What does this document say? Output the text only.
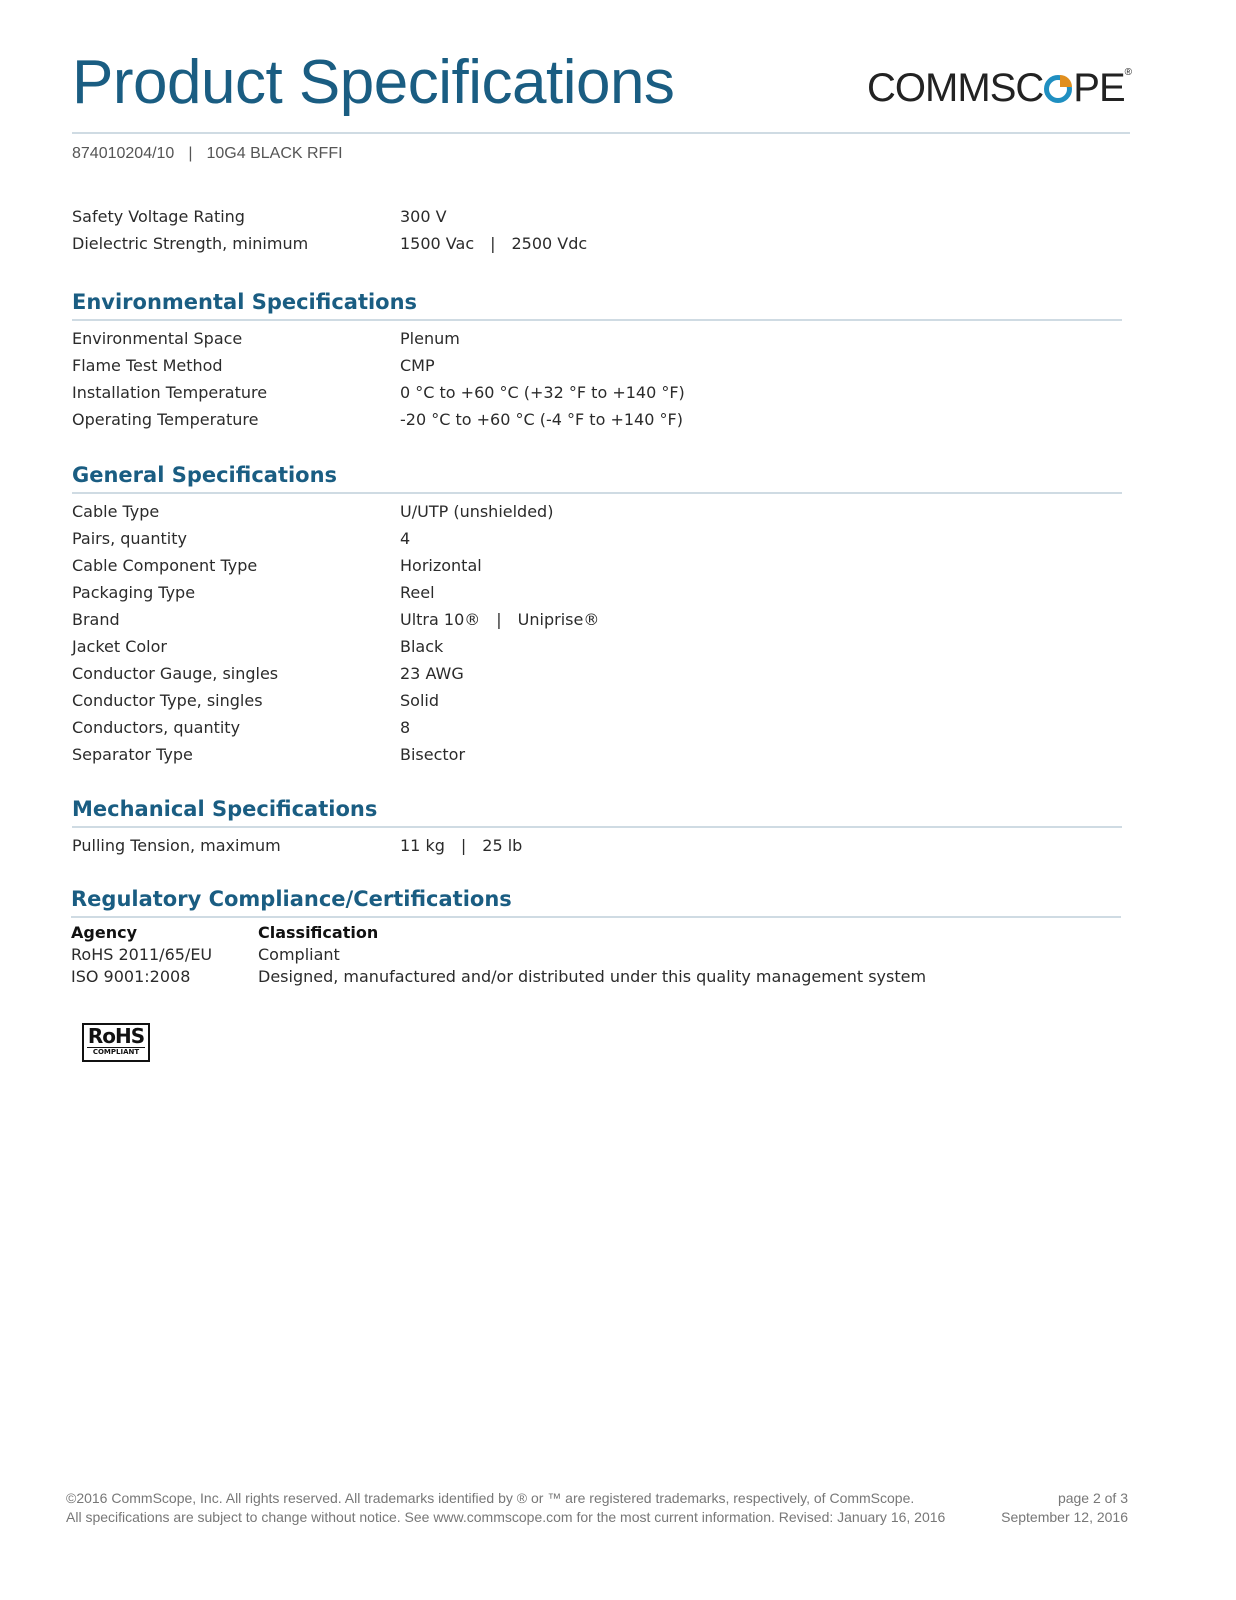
Product Specifications	COMMSC PE®
874010204/10 | 10G4 BLACK RFFI
Safety Voltage Rating	300 V
Dielectric Strength, minimum	1500 Vac | 2500 Vdc
Environmental Specifications
Environmental Space	Plenum
Flame Test Method	CMP
Installation Temperature	0 °C to +60 °C (+32 °F to +140 °F)
Operating Temperature	-20 °C to +60 °C (-4 °F to +140 °F)
General Specifications
Cable Type	U/UTP (unshielded)
Pairs, quantity	4
Cable Component Type	Horizontal
Packaging Type	Reel
Brand	Ultra 10® | Uniprise®
Jacket Color	Black
Conductor Gauge, singles	23 AWG
Conductor Type, singles	Solid
Conductors, quantity	8
Separator Type	Bisector
Mechanical Specifications
Pulling Tension, maximum	11 kg | 25 lb
Regulatory Compliance/Certifications
Agency	Classification
RoHS 2011/65/EU	Compliant
ISO 9001:2008	Designed, manufactured and/or distributed under this quality management system
RoHS
COMPLIANT
©2016 CommScope, Inc. All rights reserved. All trademarks identified by ® or ™ are registered trademarks, respectively, of CommScope.
All specifications are subject to change without notice. See www.commscope.com for the most current information. Revised: January 16, 2016
page 2 of 3
September 12, 2016
